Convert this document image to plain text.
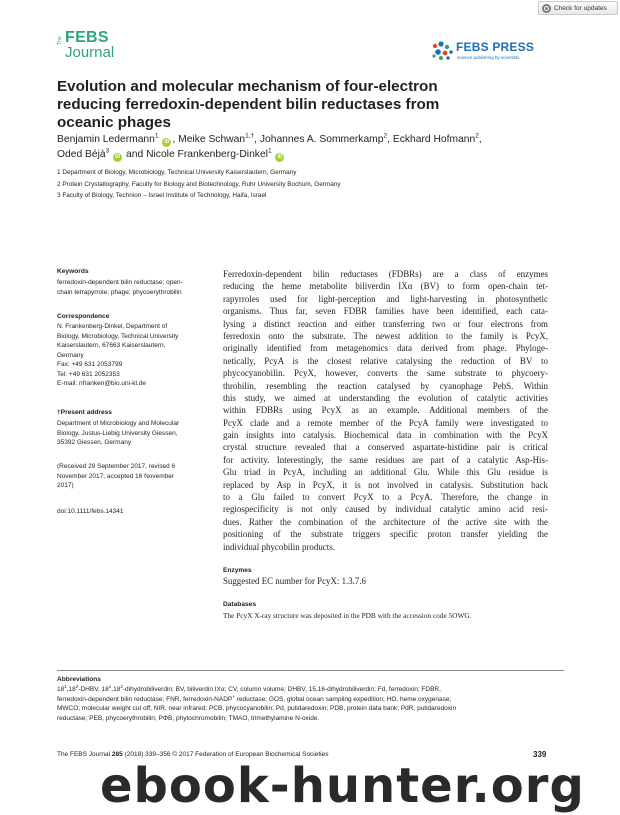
Check for updates
The FEBS
Journal	FEBS PRESS
science publishing by scientists
Evolution and molecular mechanism of four-electron
reducing ferredoxin-dependent bilin reductases from
oceanic phages
Benjamin Ledermann$^1$ iD , Meike Schwan$^{1,\dagger}$, Johannes A. Sommerkamp$^2$, Eckhard Hofmann$^2$,
Oded Béjà$^3$ iD and Nicole Frankenberg-Dinkel$^1$ iD
1 Department of Biology, Microbiology, Technical University Kaiserslautern, Germany
2 Protein Crystallography, Faculty for Biology and Biotechnology, Ruhr University Bochum, Germany
3 Faculty of Biology, Technion – Israel Institute of Technology, Haifa, Israel
Keywords
ferredoxin-dependent bilin reductase; open-
chain tetrapyrrole; phage; phycoerythrobilin
Correspondence
N. Frankenberg-Dinkel, Department of
Biology, Microbiology, Technical University
Kaiserslautern, 67663 Kaiserslautern,
Germany
Fax: +49 631 2053799
Tel: +49 631 2052353
E-mail: nfranken@bio.uni-kl.de
†Present address
Department of Microbiology and Molecular
Biology, Justus-Liebig University Giessen,
35392 Giessen, Germany
(Received 29 September 2017, revised 6
November 2017, accepted 16 November
2017)
doi:10.1111/febs.14341
Ferredoxin-dependent bilin reductases (FDBRs) are a class of enzymes
reducing the heme metabolite biliverdin IXα (BV) to form open-chain tet-
rapyrroles used for light-perception and light-harvesting in photosynthetic
organisms. Thus far, seven FDBR families have been identified, each cata-
lysing a distinct reaction and either transferring two or four electrons from
ferredoxin onto the substrate. The newest addition to the family is PcyX,
originally identified from metagenomics data derived from phage. Phyloge-
netically, PcyA is the closest relative catalysing the reduction of BV to
phycocyanobilin. PcyX, however, converts the same substrate to phycoery-
throbilin, resembling the reaction catalysed by cyanophage PebS. Within
this study, we aimed at understanding the evolution of catalytic activities
within FDBRs using PcyX as an example. Additional members of the
PcyX clade and a remote member of the PcyA family were investigated to
gain insights into catalysis. Biochemical data in combination with the PcyX
crystal structure revealed that a conserved aspartate-histidine pair is critical
for activity. Interestingly, the same residues are part of a catalytic Asp-His-
Glu triad in PcyA, including an additional Glu. While this Glu residue is
replaced by Asp in PcyX, it is not involved in catalysis. Substitution back
to a Glu failed to convert PcyX to a PcyA. Therefore, the change in
regiospecificity is not only caused by individual catalytic amino acid resi-
dues. Rather the combination of the architecture of the active site with the
positioning of the substrate triggers specific proton transfer yielding the
individual phycobilin products.
Enzymes
Suggested EC number for PcyX: 1.3.7.6
Databases
The PcyX X-ray structure was deposited in the PDB with the accession code 5OWG.
Abbreviations
$18^1,18^2$-DHBV, $18^1,18^2$-dihydrobiliverdin; BV, biliverdin IXα; CV, column volume; DHBV, 15,16-dihydrobiliverdin; Fd, ferredoxin; FDBR,
ferredoxin-dependent bilin reductase; FNR, ferredoxin-NADP+ reductase; GOS, global ocean sampling expedition; HO, heme oxygenase;
MWCO, molecular weight cut off; NIR, near infrared; PCB, phycocyanobilin; Pd, putidaredoxin; PDB, protein data bank; PdR, putidaredoxin
reductase; PEB, phycoerythrobilin; PΦB, phytochromobilin; TMAO, trimethylamine N-oxide.
The FEBS Journal 285 (2018) 339–356 © 2017 Federation of European Biochemical Societies	339
ebook-hunter.org
